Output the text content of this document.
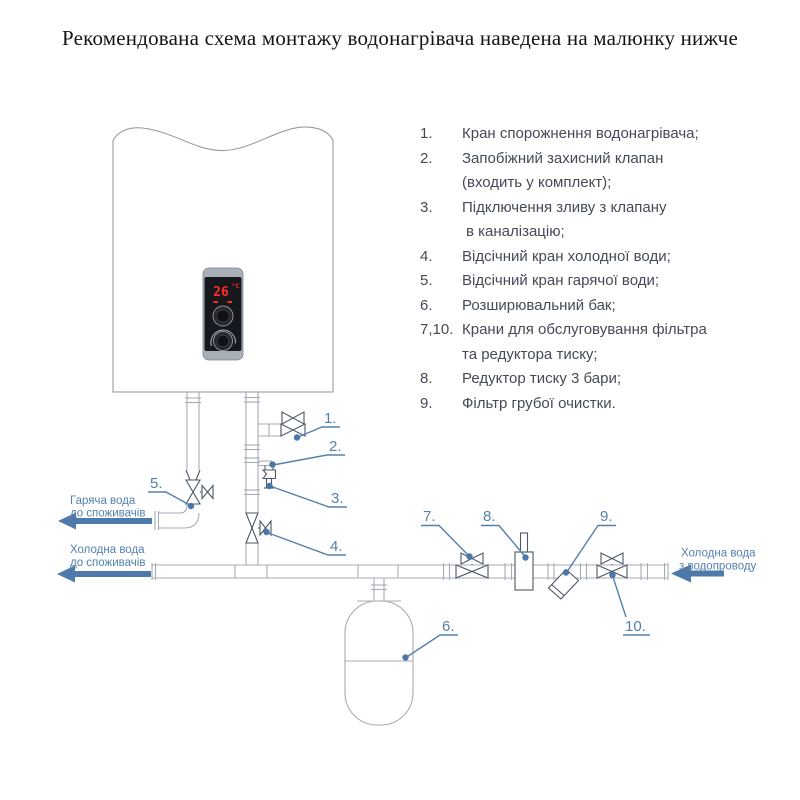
Рекомендована схема монтажу водонагрівача наведена на малюнку нижче
1.	Кран спорожнення водонагрівача;
2.	Запобіжний захисний клапан
(входить у комплект);
3.	Підключення зливу з клапану
в каналізацію;
4.	Відсічний кран холодної води;
5.	Відсічний кран гарячої води;
6.	Розширювальний бак;
7,10. Крани для обслуговування фільтра
та редуктора тиску;
8.	Редуктор тиску 3 бари;
9.	Фільтр грубої очистки.
26 °C
Гаряча вода
до споживачів
Холодна вода
до споживачів
Холодна вода
з водопроводу
1.
2.
3.
4.
5.
6.
7.	8.	9.
10.
